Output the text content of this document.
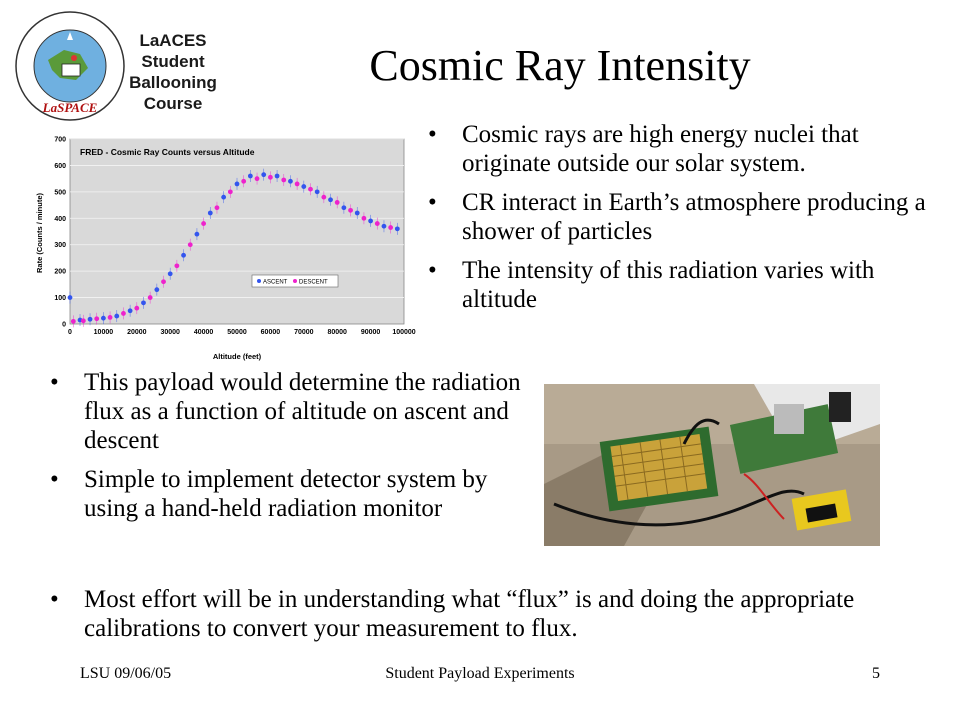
LaSPACE
LaACES
Student
Ballooning
Course
Cosmic Ray Intensity
FRED - Cosmic Ray Counts versus Altitude
0
100
200
300
400
500
600
700
0	10000 20000 30000 40000 50000 60000 70000 80000 90000 100000
ASCENT DESCENT
Altitude (feet)
Rate (Counts / minute)
• Cosmic rays are high energy nuclei that originate outside our solar system.
• CR interact in Earth’s atmosphere producing a shower of particles
• The intensity of this radiation varies with altitude
• This payload would determine the radiation flux as a function of altitude on ascent and descent
• Simple to implement detector system by using a hand-held radiation monitor
• Most effort will be in understanding what “flux” is and doing the appropriate calibrations to convert your measurement to flux.
LSU 09/06/05	Student Payload Experiments	5
